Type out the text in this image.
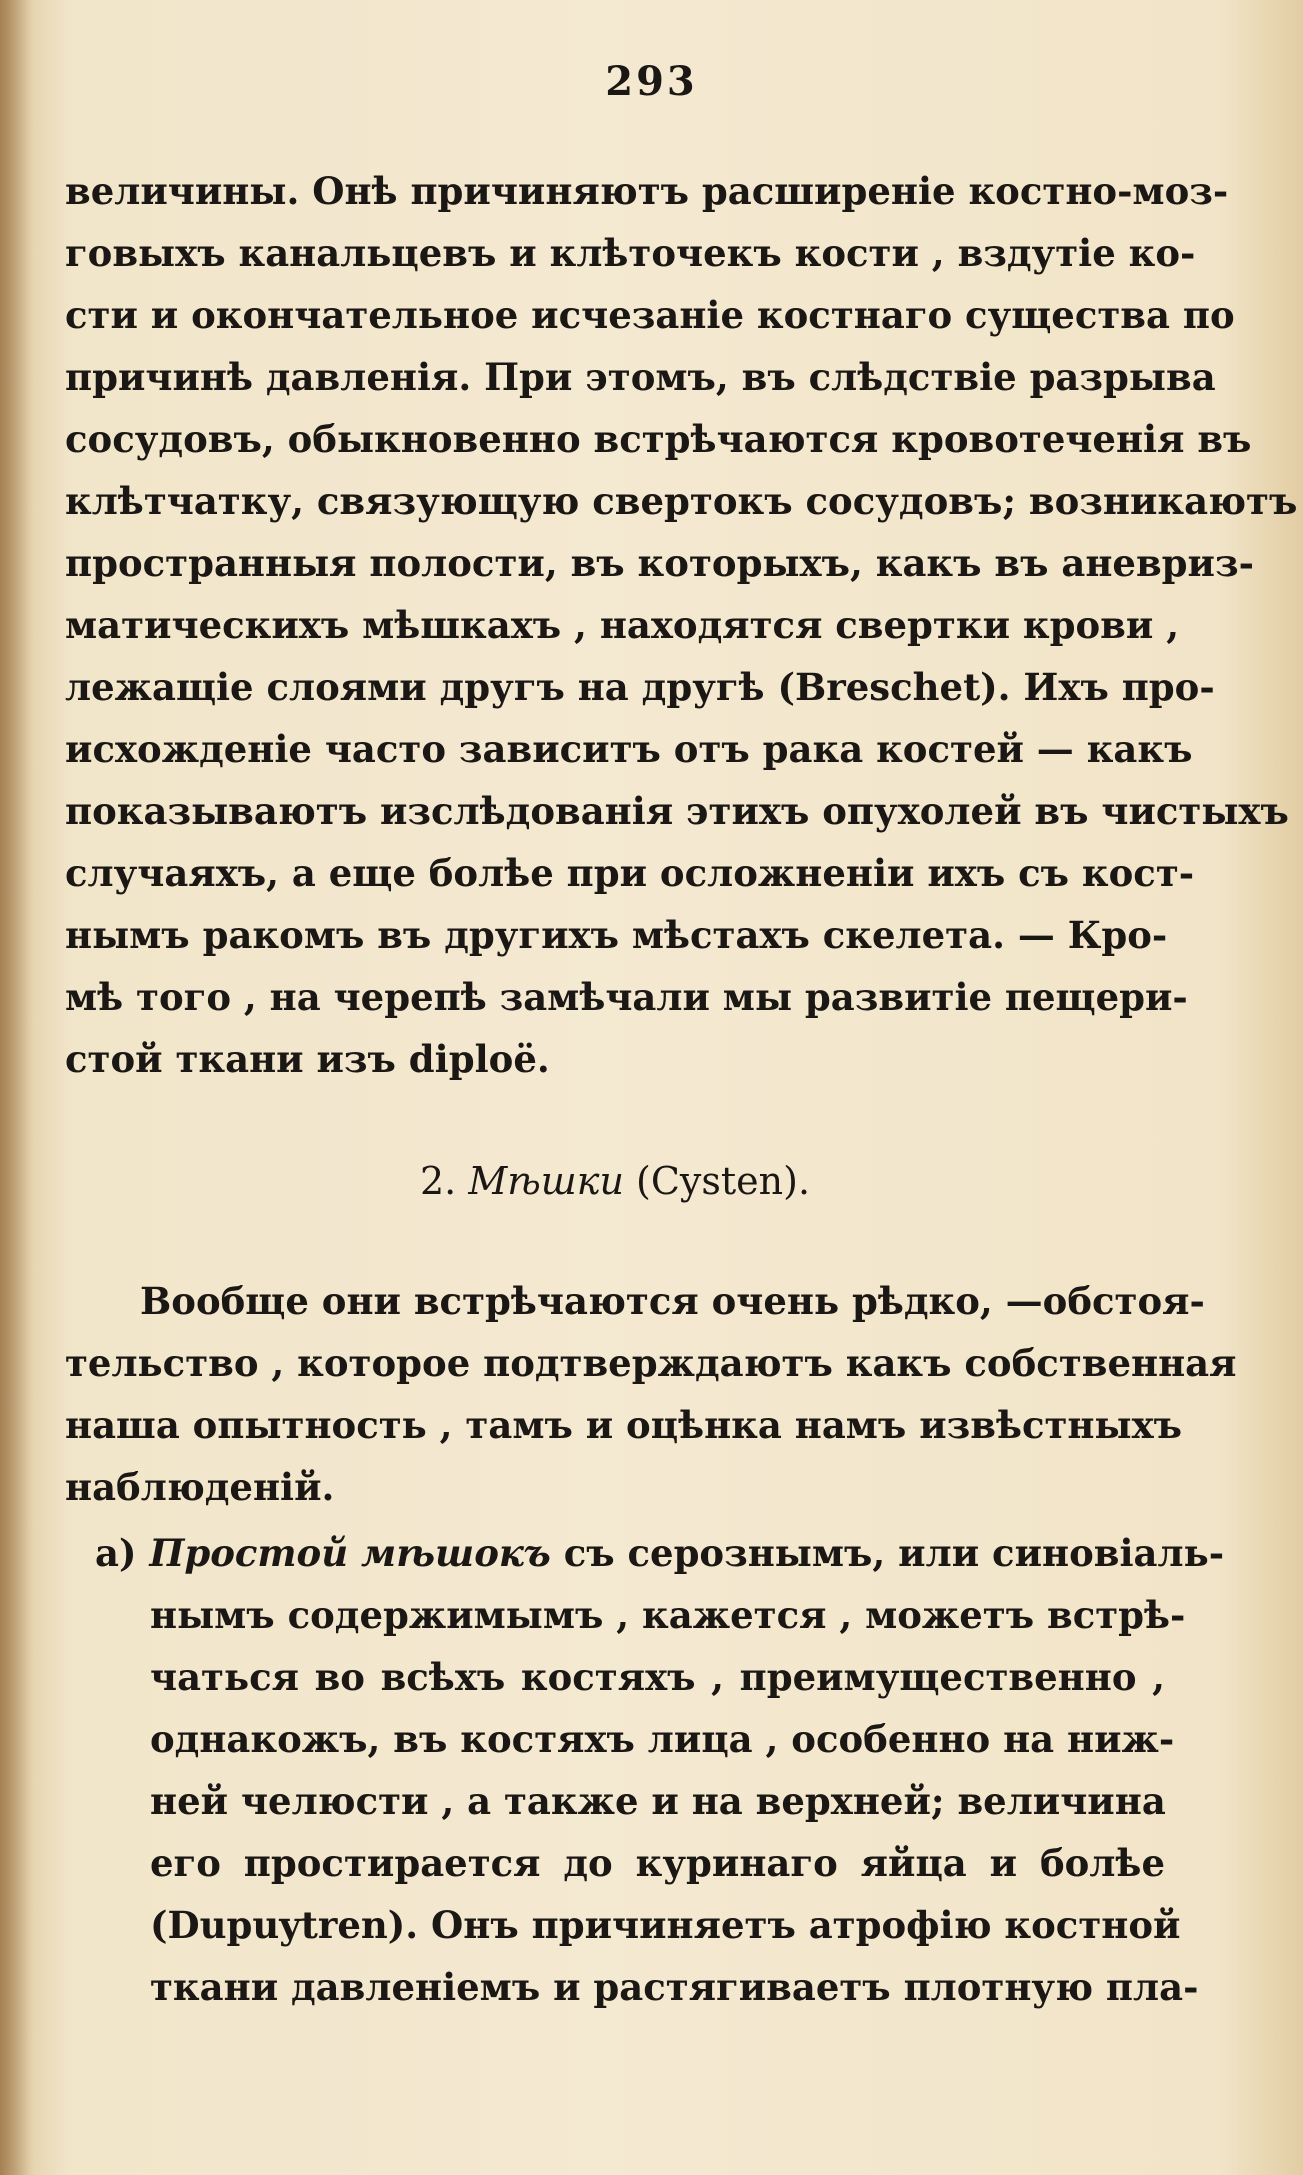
293
величины. Онѣ причиняютъ расширеніе костно-моз-
говыхъ канальцевъ и клѣточекъ кости , вздутіе ко-
сти и окончательное исчезаніе костнаго существа по
причинѣ давленія. При этомъ, въ слѣдствіе разрыва
сосудовъ, обыкновенно встрѣчаются кровотеченія въ
клѣтчатку, связующую свертокъ сосудовъ; возникаютъ
пространныя полости, въ которыхъ, какъ въ аневриз-
матическихъ мѣшкахъ , находятся свертки крови ,
лежащіе слоями другъ на другѣ (Breschet). Ихъ про-
исхожденіе часто зависитъ отъ рака костей — какъ
показываютъ изслѣдованія этихъ опухолей въ чистыхъ
случаяхъ, а еще болѣе при осложненіи ихъ съ кост-
нымъ ракомъ въ другихъ мѣстахъ скелета. — Кро-
мѣ того , на черепѣ замѣчали мы развитіе пещери-
стой ткани изъ diploë.
2. Мѣшки (Cysten).
Вообще они встрѣчаются очень рѣдко, —обстоя-
тельство , которое подтверждаютъ какъ собственная
наша опытность , тамъ и оцѣнка намъ извѣстныхъ
наблюденій.
a) Простой мѣшокъ съ серознымъ, или синовіаль-
нымъ содержимымъ , кажется , можетъ встрѣ-
чаться во всѣхъ костяхъ , преимущественно ,
однакожъ, въ костяхъ лица , особенно на ниж-
ней челюсти , а также и на верхней; величина
его простирается до куринаго яйца и болѣе
(Dupuytren). Онъ причиняетъ атрофію костной
ткани давленіемъ и растягиваетъ плотную пла-
